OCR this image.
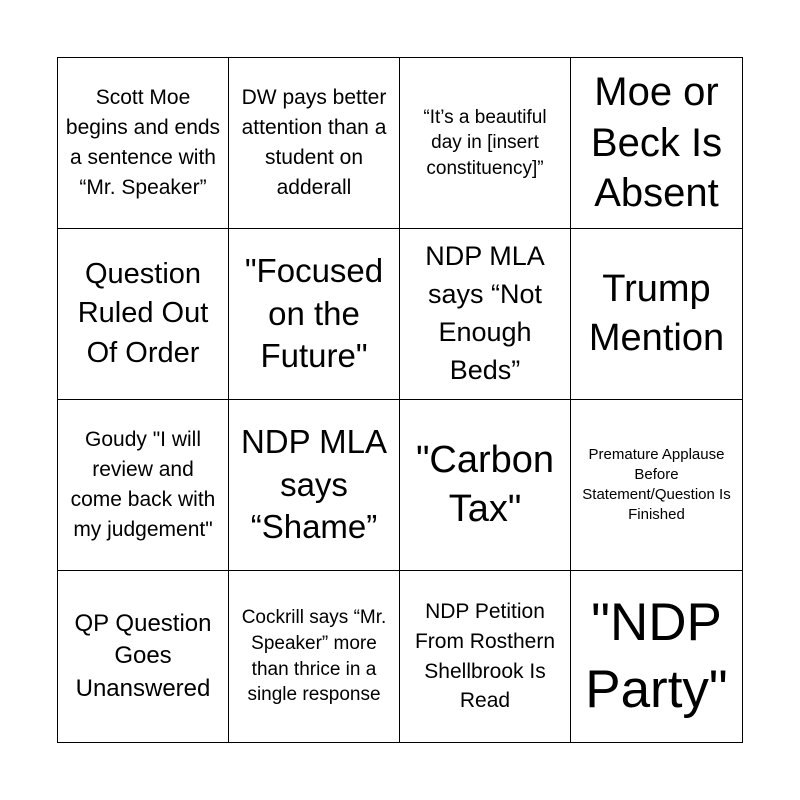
Scott Moe begins and ends a sentence with “Mr. Speaker”
DW pays better attention than a student on adderall
“It’s a beautiful day in [insert constituency]”
Moe or Beck Is Absent
Question Ruled Out Of Order
"Focused on the Future"
NDP MLA says “Not Enough Beds”
Trump Mention
Goudy "I will review and come back with my judgement"
NDP MLA says “Shame”
"Carbon Tax"
Premature Applause Before Statement/Question Is Finished
QP Question Goes Unanswered
Cockrill says “Mr. Speaker” more than thrice in a single response
NDP Petition From Rosthern Shellbrook Is Read
"NDP Party"
